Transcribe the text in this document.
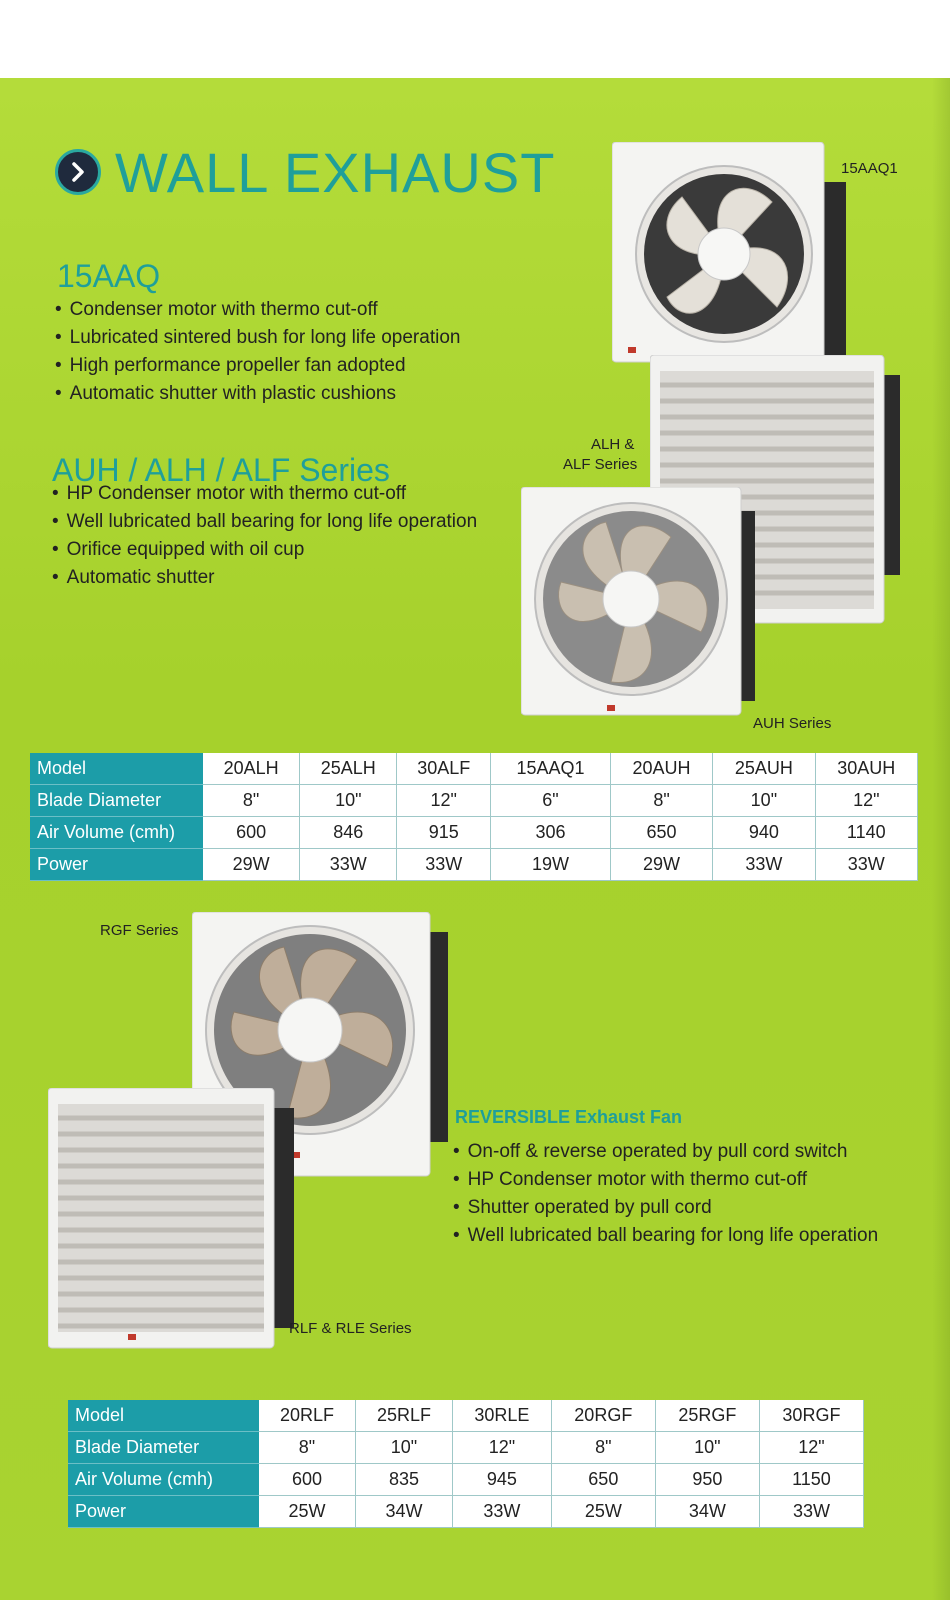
WALL EXHAUST
15AAQ
• Condenser motor with thermo cut-off
• Lubricated sintered bush for long life operation
• High performance propeller fan adopted
• Automatic shutter with plastic cushions
AUH / ALH / ALF Series
• HP Condenser motor with thermo cut-off
• Well lubricated ball bearing for long life operation
• Orifice equipped with oil cup
• Automatic shutter
15AAQ1
ALH &
ALF Series
AUH Series
Model	20ALH	25ALH	30ALF	15AAQ1	20AUH	25AUH	30AUH
Blade Diameter	8"	10"	12"	6"	8"	10"	12"
Air Volume (cmh)	600	846	915	306	650	940	1140
Power	29W	33W	33W	19W	29W	33W	33W
RGF Series
RLF & RLE Series
REVERSIBLE Exhaust Fan
• On-off & reverse operated by pull cord switch
• HP Condenser motor with thermo cut-off
• Shutter operated by pull cord
• Well lubricated ball bearing for long life operation
Model	20RLF	25RLF	30RLE	20RGF	25RGF	30RGF
Blade Diameter	8"	10"	12"	8"	10"	12"
Air Volume (cmh)	600	835	945	650	950	1150
Power	25W	34W	33W	25W	34W	33W
